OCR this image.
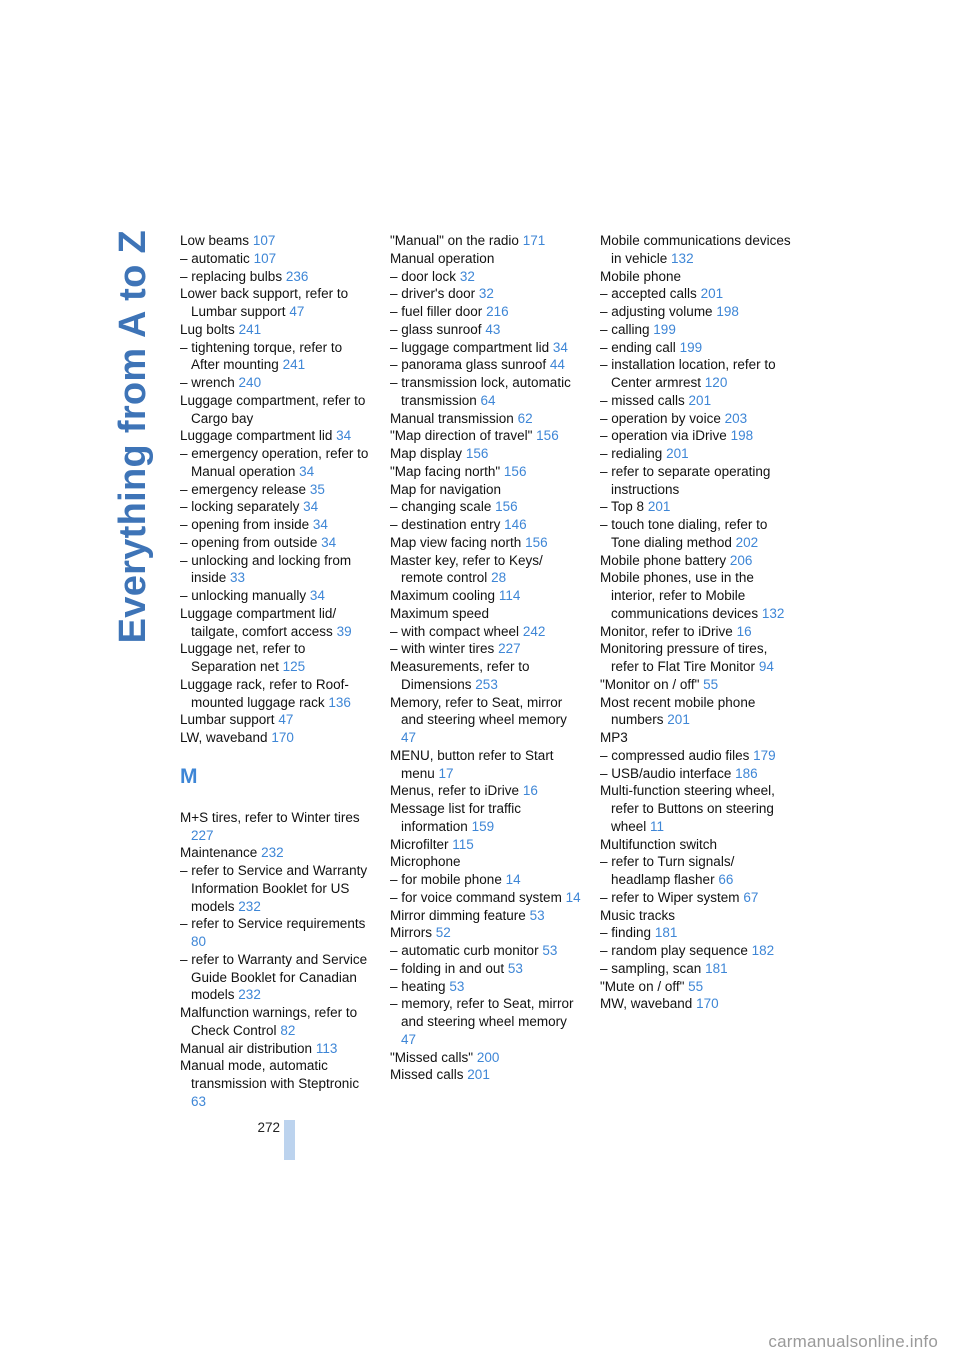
Everything from A to Z Low beams 107
– automatic 107
– replacing bulbs 236
Lower back support, refer to Lumbar support 47
Lug bolts 241
– tightening torque, refer to After mounting 241
– wrench 240
Luggage compartment, refer to Cargo bay
Luggage compartment lid 34
– emergency operation, refer to Manual operation 34
– emergency release 35
– locking separately 34
– opening from inside 34
– opening from outside 34
– unlocking and locking from inside 33
– unlocking manually 34
Luggage compartment lid/ tailgate, comfort access 39
Luggage net, refer to Separation net 125
Luggage rack, refer to Roof-mounted luggage rack 136
Lumbar support 47
LW, waveband 170
M
M+S tires, refer to Winter tires 227
Maintenance 232
– refer to Service and Warranty Information Booklet for US models 232
– refer to Service requirements 80
– refer to Warranty and Service Guide Booklet for Canadian models 232
Malfunction warnings, refer to Check Control 82
Manual air distribution 113
Manual mode, automatic transmission with Steptronic 63
"Manual" on the radio 171
Manual operation
– door lock 32
– driver's door 32
– fuel filler door 216
– glass sunroof 43
– luggage compartment lid 34
– panorama glass sunroof 44
– transmission lock, automatic transmission 64
Manual transmission 62
"Map direction of travel" 156
Map display 156
"Map facing north" 156
Map for navigation
– changing scale 156
– destination entry 146
Map view facing north 156
Master key, refer to Keys/ remote control 28
Maximum cooling 114
Maximum speed
– with compact wheel 242
– with winter tires 227
Measurements, refer to Dimensions 253
Memory, refer to Seat, mirror and steering wheel memory 47
MENU, button refer to Start menu 17
Menus, refer to iDrive 16
Message list for traffic information 159
Microfilter 115
Microphone
– for mobile phone 14
– for voice command system 14
Mirror dimming feature 53
Mirrors 52
– automatic curb monitor 53
– folding in and out 53
– heating 53
– memory, refer to Seat, mirror and steering wheel memory 47
"Missed calls" 200
Missed calls 201
Mobile communications devices in vehicle 132
Mobile phone
– accepted calls 201
– adjusting volume 198
– calling 199
– ending call 199
– installation location, refer to Center armrest 120
– missed calls 201
– operation by voice 203
– operation via iDrive 198
– redialing 201
– refer to separate operating instructions
– Top 8 201
– touch tone dialing, refer to Tone dialing method 202
Mobile phone battery 206
Mobile phones, use in the interior, refer to Mobile communications devices 132
Monitor, refer to iDrive 16
Monitoring pressure of tires, refer to Flat Tire Monitor 94
"Monitor on / off" 55
Most recent mobile phone numbers 201
MP3
– compressed audio files 179
– USB/audio interface 186
Multi-function steering wheel, refer to Buttons on steering wheel 11
Multifunction switch
– refer to Turn signals/ headlamp flasher 66
– refer to Wiper system 67
Music tracks
– finding 181
– random play sequence 182
– sampling, scan 181
"Mute on / off" 55
MW, waveband 170
272
carmanualsonline.info
